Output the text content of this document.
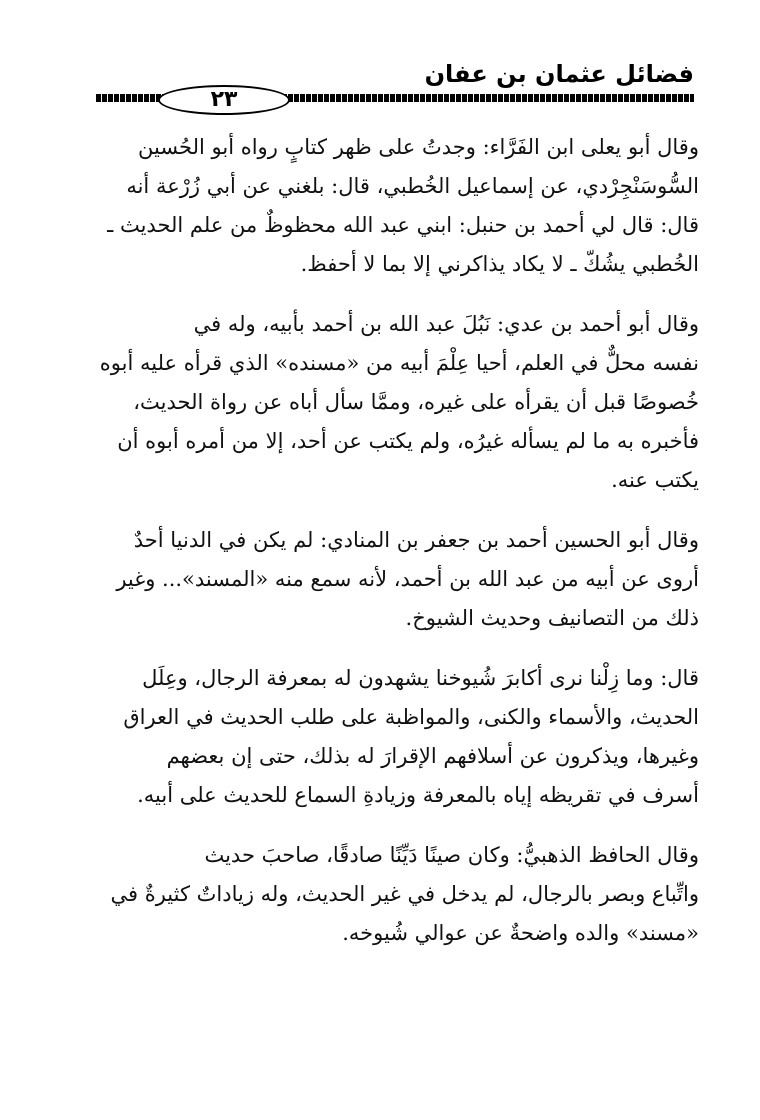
فضائل عثمان بن عفان
٢٣
وقال أبو يعلى ابن الفَرَّاء: وجدتُ على ظهر كتابٍ رواه أبو الحُسين
السُّوسَنْجِرْدي، عن إسماعيل الخُطبي، قال: بلغني عن أبي زُرْعة أنه
قال: قال لي أحمد بن حنبل: ابني عبد الله محظوظٌ من علم الحديث ـ
الخُطبي يشُكّ ـ لا يكاد يذاكرني إلا بما لا أحفظ.
وقال أبو أحمد بن عدي: نَبُلَ عبد الله بن أحمد بأبيه، وله في
نفسه محلٌّ في العلم، أحيا عِلْمَ أبيه من «مسنده» الذي قرأه عليه أبوه
خُصوصًا قبل أن يقرأه على غيره، وممَّا سأل أباه عن رواة الحديث،
فأخبره به ما لم يسأله غيرُه، ولم يكتب عن أحد، إلا من أمره أبوه أن
يكتب عنه.
وقال أبو الحسين أحمد بن جعفر بن المنادي: لم يكن في الدنيا أحدٌ
أروى عن أبيه من عبد الله بن أحمد، لأنه سمع منه «المسند»... وغير
ذلك من التصانيف وحديث الشيوخ.
قال: وما زِلْنا نرى أكابرَ شُيوخنا يشهدون له بمعرفة الرجال، وعِلَل
الحديث، والأسماء والكنى، والمواظبة على طلب الحديث في العراق
وغيرها، ويذكرون عن أسلافهم الإقرارَ له بذلك، حتى إن بعضهم
أسرف في تقريظه إياه بالمعرفة وزيادةِ السماع للحديث على أبيه.
وقال الحافظ الذهبيُّ: وكان صينًا دَيِّنًا صادقًا، صاحبَ حديث
واتِّباع وبصر بالرجال، لم يدخل في غير الحديث، وله زياداتٌ كثيرةٌ في
«مسند» والده واضحةٌ عن عوالي شُيوخه.
